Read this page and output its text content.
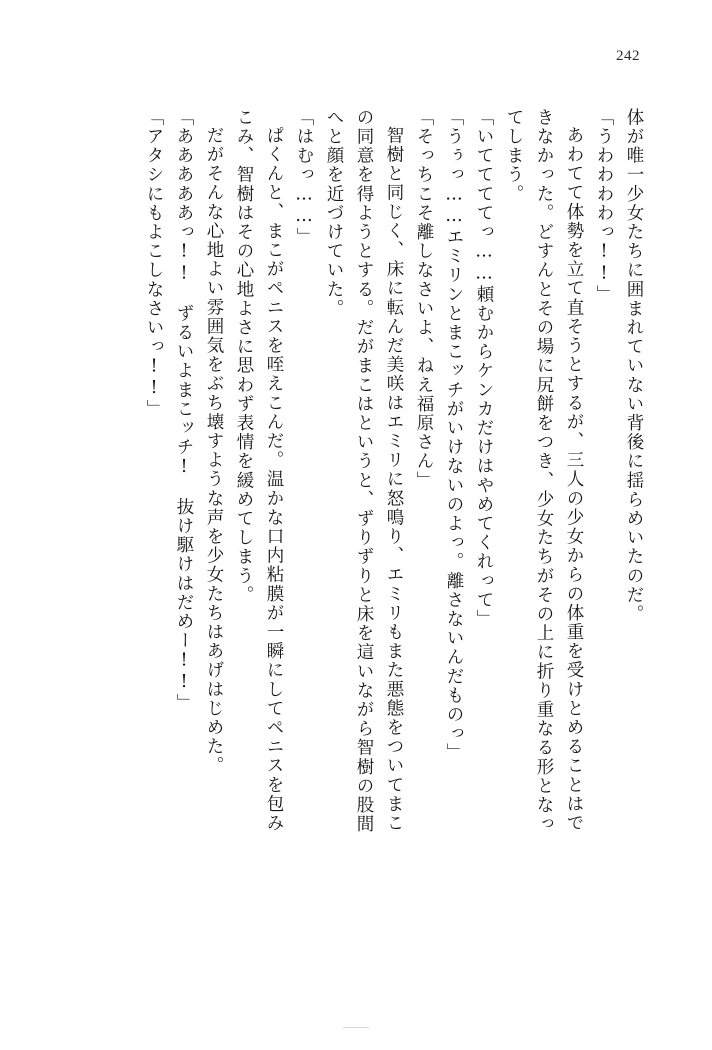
242
体が唯一少女たちに囲まれていない背後に揺らめいたのだ。
「うわわわわっ!!」
あわてて体勢を立て直そうとするが、三人の少女からの体重を受けとめることはで
きなかった。どすんとその場に尻餅をつき、少女たちがその上に折り重なる形となっ
てしまう。
「いててててっ……頼むからケンカだけはやめてくれって」
「うぅっ……エミリンとまこッチがいけないのよっ。離さないんだものっ」
「そっちこそ離しなさいよ、ねえ福原さん」
智樹と同じく、床に転んだ美咲はエミリに怒鳴り、エミリもまた悪態をついてまこ
の同意を得ようとする。だがまこはというと、ずりずりと床を這いながら智樹の股間
へと顔を近づけていた。
「はむっ……」
ぱくんと、まこがペニスを咥えこんだ。温かな口内粘膜が一瞬にしてペニスを包み
こみ、智樹はその心地よさに思わず表情を緩めてしまう。
だがそんな心地よい雰囲気をぶち壊すような声を少女たちはあげはじめた。
「あああああっ!!　ずるいよまこッチ!　抜け駆けはだめー!!」
「アタシにもよこしなさいっ!!」
